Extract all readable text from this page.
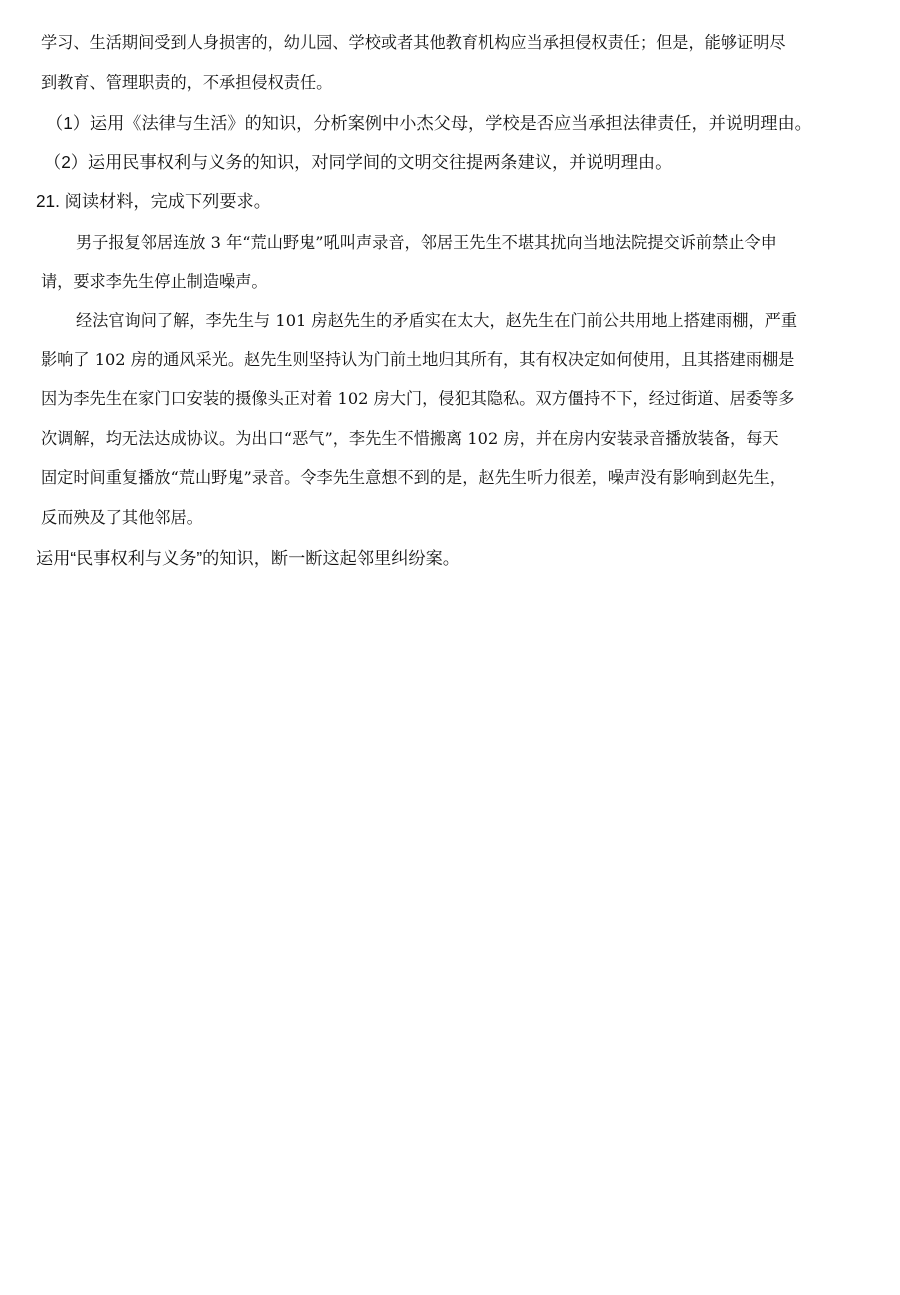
学习、生活期间受到人身损害的，幼儿园、学校或者其他教育机构应当承担侵权责任；但是，能够证明尽
到教育、管理职责的，不承担侵权责任。
（1）运用《法律与生活》的知识，分析案例中小杰父母，学校是否应当承担法律责任，并说明理由。
（2）运用民事权利与义务的知识，对同学间的文明交往提两条建议，并说明理由。
21. 阅读材料，完成下列要求。
男子报复邻居连放 3 年“荒山野鬼”吼叫声录音，邻居王先生不堪其扰向当地法院提交诉前禁止令申
请，要求李先生停止制造噪声。
经法官询问了解，李先生与 101 房赵先生的矛盾实在太大，赵先生在门前公共用地上搭建雨棚，严重
影响了 102 房的通风采光。赵先生则坚持认为门前土地归其所有，其有权决定如何使用，且其搭建雨棚是
因为李先生在家门口安装的摄像头正对着 102 房大门，侵犯其隐私。双方僵持不下，经过街道、居委等多
次调解，均无法达成协议。为出口“恶气”，李先生不惜搬离 102 房，并在房内安装录音播放装备，每天
固定时间重复播放“荒山野鬼”录音。令李先生意想不到的是，赵先生听力很差，噪声没有影响到赵先生，
反而殃及了其他邻居。
运用“民事权利与义务”的知识，断一断这起邻里纠纷案。
